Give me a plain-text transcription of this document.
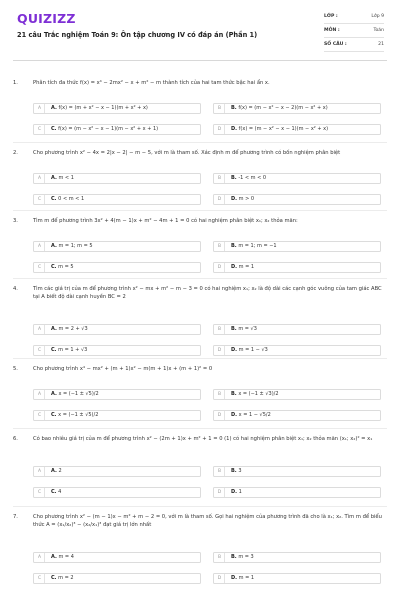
QUIZIZZ
21 câu Trắc nghiệm Toán 9: Ôn tập chương IV có đáp án (Phần 1)
LỚP :	Lớp 9
MÔN :	Toán
SỐ CÂU :	21
1.	Phân tích đa thức f(x) = x⁴ − 2mx² − x + m² − m thành tích của hai tam thức bậc hai ẩn x.
A	A. f(x) = (m + x² − x − 1)(m + x² + x)	B	B. f(x) = (m − x² − x − 2)(m − x² + x)
C	C. f(x) = (m − x² − x − 1)(m − x² + x + 1)	D	D. f(x) = (m − x² − x − 1)(m − x² + x)
2.	Cho phương trình x² − 4x = 2|x − 2| − m − 5, với m là tham số. Xác định m để phương trình có bốn nghiệm phân biệt
A	A. m < 1	B	B. -1 < m < 0
C	C. 0 < m < 1	D	D. m > 0
3.	Tìm m để phương trình 3x² + 4(m − 1)x + m² − 4m + 1 = 0 có hai nghiệm phân biệt x₁; x₂ thỏa mãn:
A	A. m = 1; m = 5	B	B. m = 1; m = −1
C	C. m = 5	D	D. m = 1
4.	Tìm các giá trị của m để phương trình x² − mx + m² − m − 3 = 0 có hai nghiệm x₁; x₂ là độ dài các cạnh góc vuông của tam giác ABC tại A biết độ dài cạnh huyền BC = 2
A	A. m = 2 + √3	B	B. m = √3
C	C. m = 1 + √3	D	D. m = 1 − √3
5.	Cho phương trình x⁴ − mx² + (m + 1)x² − m(m + 1)x + (m + 1)² = 0
A	A. x = (−1 ± √5)/2	B	B. x = (−1 ± √3)/2
C	C. x = (−1 ± √5)/2	D	D. x = 1 − √5/2
6.	Có bao nhiêu giá trị của m để phương trình x² − (2m + 1)x + m² + 1 = 0 (1) có hai nghiệm phân biệt x₁; x₂ thỏa mãn (x₁; x₂)² = x₁
A	A. 2	B	B. 3
C	C. 4	D	D. 1
7.	Cho phương trình x² − (m − 1)x − m² + m − 2 = 0, với m là tham số. Gọi hai nghiệm của phương trình đã cho là x₁; x₂. Tìm m để biểu thức A = (x₁/x₂)³ − (x₂/x₁)³ đạt giá trị lớn nhất
A	A. m = 4	B	B. m = 3
C	C. m = 2	D	D. m = 1
